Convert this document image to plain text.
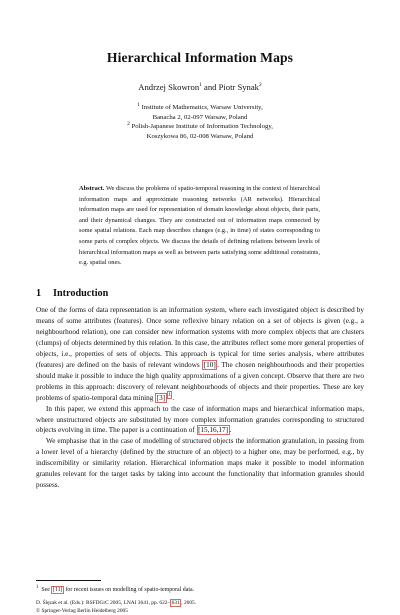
Hierarchical Information Maps
Andrzej Skowron$^1$ and Piotr Synak$^2$
$^1$ Institute of Mathematics, Warsaw University,
Banacha 2, 02-097 Warsaw, Poland
$^2$ Polish-Japanese Institute of Information Technology,
Koszykowa 86, 02-008 Warsaw, Poland
Abstract. We discuss the problems of spatio-temporal reasoning in the context of hierarchical information maps and approximate reasoning networks (AR networks). Hierarchical information maps are used for representation of domain knowledge about objects, their parts, and their dynamical changes. They are constructed out of information maps connected by some spatial relations. Each map describes changes (e.g., in time) of states corresponding to some parts of complex objects. We discuss the details of defining relations between levels of hierarchical information maps as well as between parts satisfying some additional constraints, e.g. spatial ones.
1 Introduction

One of the forms of data representation is an information system, where each investigated object is described by means of some attributes (features). Once some reflexive binary relation on a set of objects is given (e.g., a neighbourhood relation), one can consider new information systems with more complex objects that are clusters (clumps) of objects determined by this relation. In this case, the attributes reflect some more general properties of objects, i.e., properties of sets of objects. This approach is typical for time series analysis, where attributes (features) are defined on the basis of relevant windows [10] . The chosen neighbourhoods and their properties should make it possible to induce the high quality approximations of a given concept. Observe that there are two problems in this approach: discovery of relevant neighbourhoods of objects and their properties. These are key problems of spatio-temporal data mining [3] $^1$ .

In this paper, we extend this approach to the case of information maps and hierarchical information maps, where unstructured objects are substituted by more complex information granules corresponding to structured objects evolving in time. The paper is a continuation of [15,16,17] .

We emphasise that in the case of modelling of structured objects the information granulation, in passing from a lower level of a hierarchy (defined by the structure of an object) to a higher one, may be performed, e.g., by indiscernibility or similarity relation. Hierarchical information maps make it possible to model information granules relevant for the target tasks by taking into account the functionality that information granules should possess.

$^1$ See [11] for recent issues on modelling of spatio-temporal data.
D. Ślęzak et al. (Eds.): RSFDGrC 2005, LNAI 3641, pp. 622– 631 , 2005.
© Springer-Verlag Berlin Heidelberg 2005
